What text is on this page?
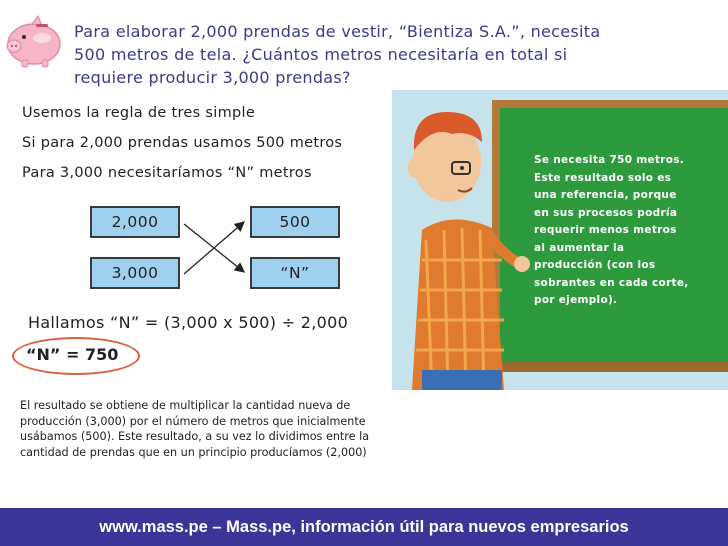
Para elaborar 2,000 prendas de vestir, “Bientiza S.A.”, necesita
500 metros de tela. ¿Cuántos metros necesitaría en total si
requiere producir 3,000 prendas?
Usemos la regla de tres simple
Si para 2,000 prendas usamos 500 metros
Para 3,000 necesitaríamos “N” metros
2,000	500
3,000	“N”
Hallamos “N” = (3,000 x 500) ÷ 2,000
“N” = 750
El resultado se obtiene de multiplicar la cantidad nueva de
producción (3,000) por el número de metros que inicialmente
usábamos (500). Este resultado, a su vez lo dividimos entre la
cantidad de prendas que en un principio producíamos (2,000)
Se necesita 750 metros.
Este resultado solo es
una referencia, porque
en sus procesos podría
requerir menos metros
al aumentar la
producción (con los
sobrantes en cada corte,
por ejemplo).
www.mass.pe – Mass.pe, información útil para nuevos empresarios
